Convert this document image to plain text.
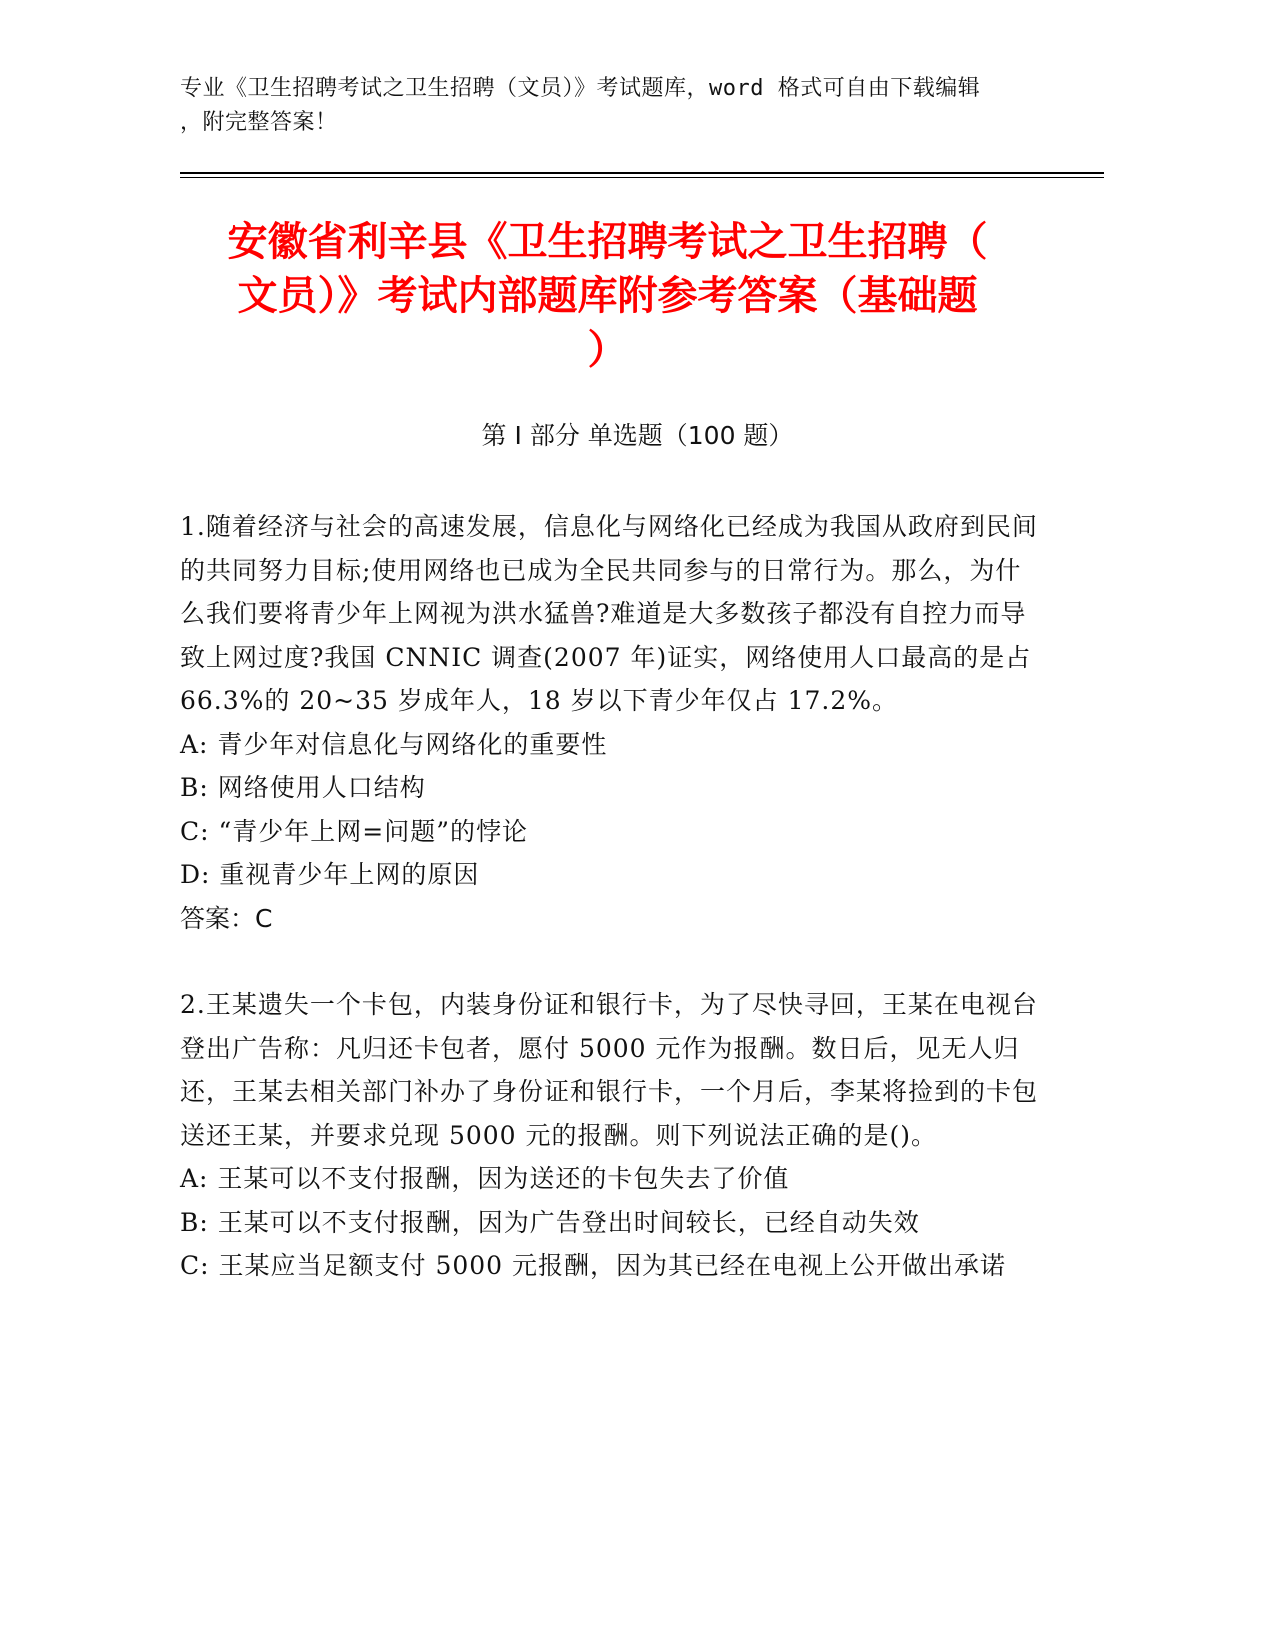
专业《卫生招聘考试之卫生招聘（文员）》考试题库，word 格式可自由下载编辑
，附完整答案！
安徽省利辛县《卫生招聘考试之卫生招聘（
文员）》考试内部题库附参考答案（基础题
）
第 I 部分 单选题（100 题）

1.随着经济与社会的高速发展，信息化与网络化已经成为我国从政府到民间的共同努力目标;使用网络也已成为全民共同参与的日常行为。那么，为什么我们要将青少年上网视为洪水猛兽?难道是大多数孩子都没有自控力而导致上网过度?我国 CNNIC 调查(2007 年)证实，网络使用人口最高的是占 66.3%的 20~35 岁成年人，18 岁以下青少年仅占 17.2%。

A: 青少年对信息化与网络化的重要性

B: 网络使用人口结构

C: “青少年上网=问题”的悖论

D: 重视青少年上网的原因

答案：C

2.王某遗失一个卡包，内装身份证和银行卡，为了尽快寻回，王某在电视台登出广告称：凡归还卡包者，愿付 5000 元作为报酬。数日后，见无人归还，王某去相关部门补办了身份证和银行卡，一个月后，李某将捡到的卡包送还王某，并要求兑现 5000 元的报酬。则下列说法正确的是()。

A: 王某可以不支付报酬，因为送还的卡包失去了价值

B: 王某可以不支付报酬，因为广告登出时间较长，已经自动失效

C: 王某应当足额支付 5000 元报酬，因为其已经在电视上公开做出承诺
